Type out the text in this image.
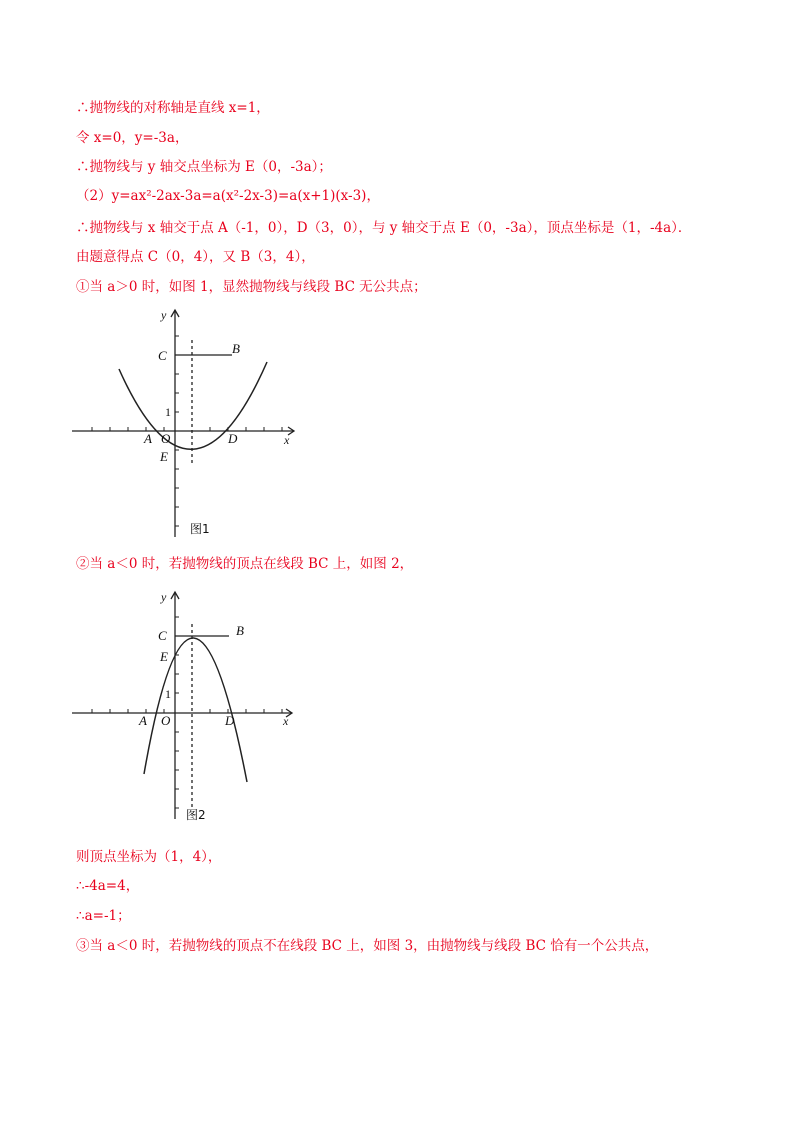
∴抛物线的对称轴是直线 x=1，
令 x=0，y=-3a，
∴抛物线与 y 轴交点坐标为 E（0，-3a）；
（2）y=ax²-2ax-3a=a(x²-2x-3)=a(x+1)(x-3)，
∴抛物线与 x 轴交于点 A（-1，0），D（3，0），与 y 轴交于点 E（0，-3a），顶点坐标是（1，-4a）．
由题意得点 C（0，4），又 B（3，4），
①当 a＞0 时，如图 1，显然抛物线与线段 BC 无公共点；
y
x
C	B
1
A O	D
E
图1
②当 a＜0 时，若抛物线的顶点在线段 BC 上，如图 2，
y
x
C	B
1
A O	D
E
图2
则顶点坐标为（1，4），
∴-4a=4，
∴a=-1；
③当 a＜0 时，若抛物线的顶点不在线段 BC 上，如图 3，由抛物线与线段 BC 恰有一个公共点，
